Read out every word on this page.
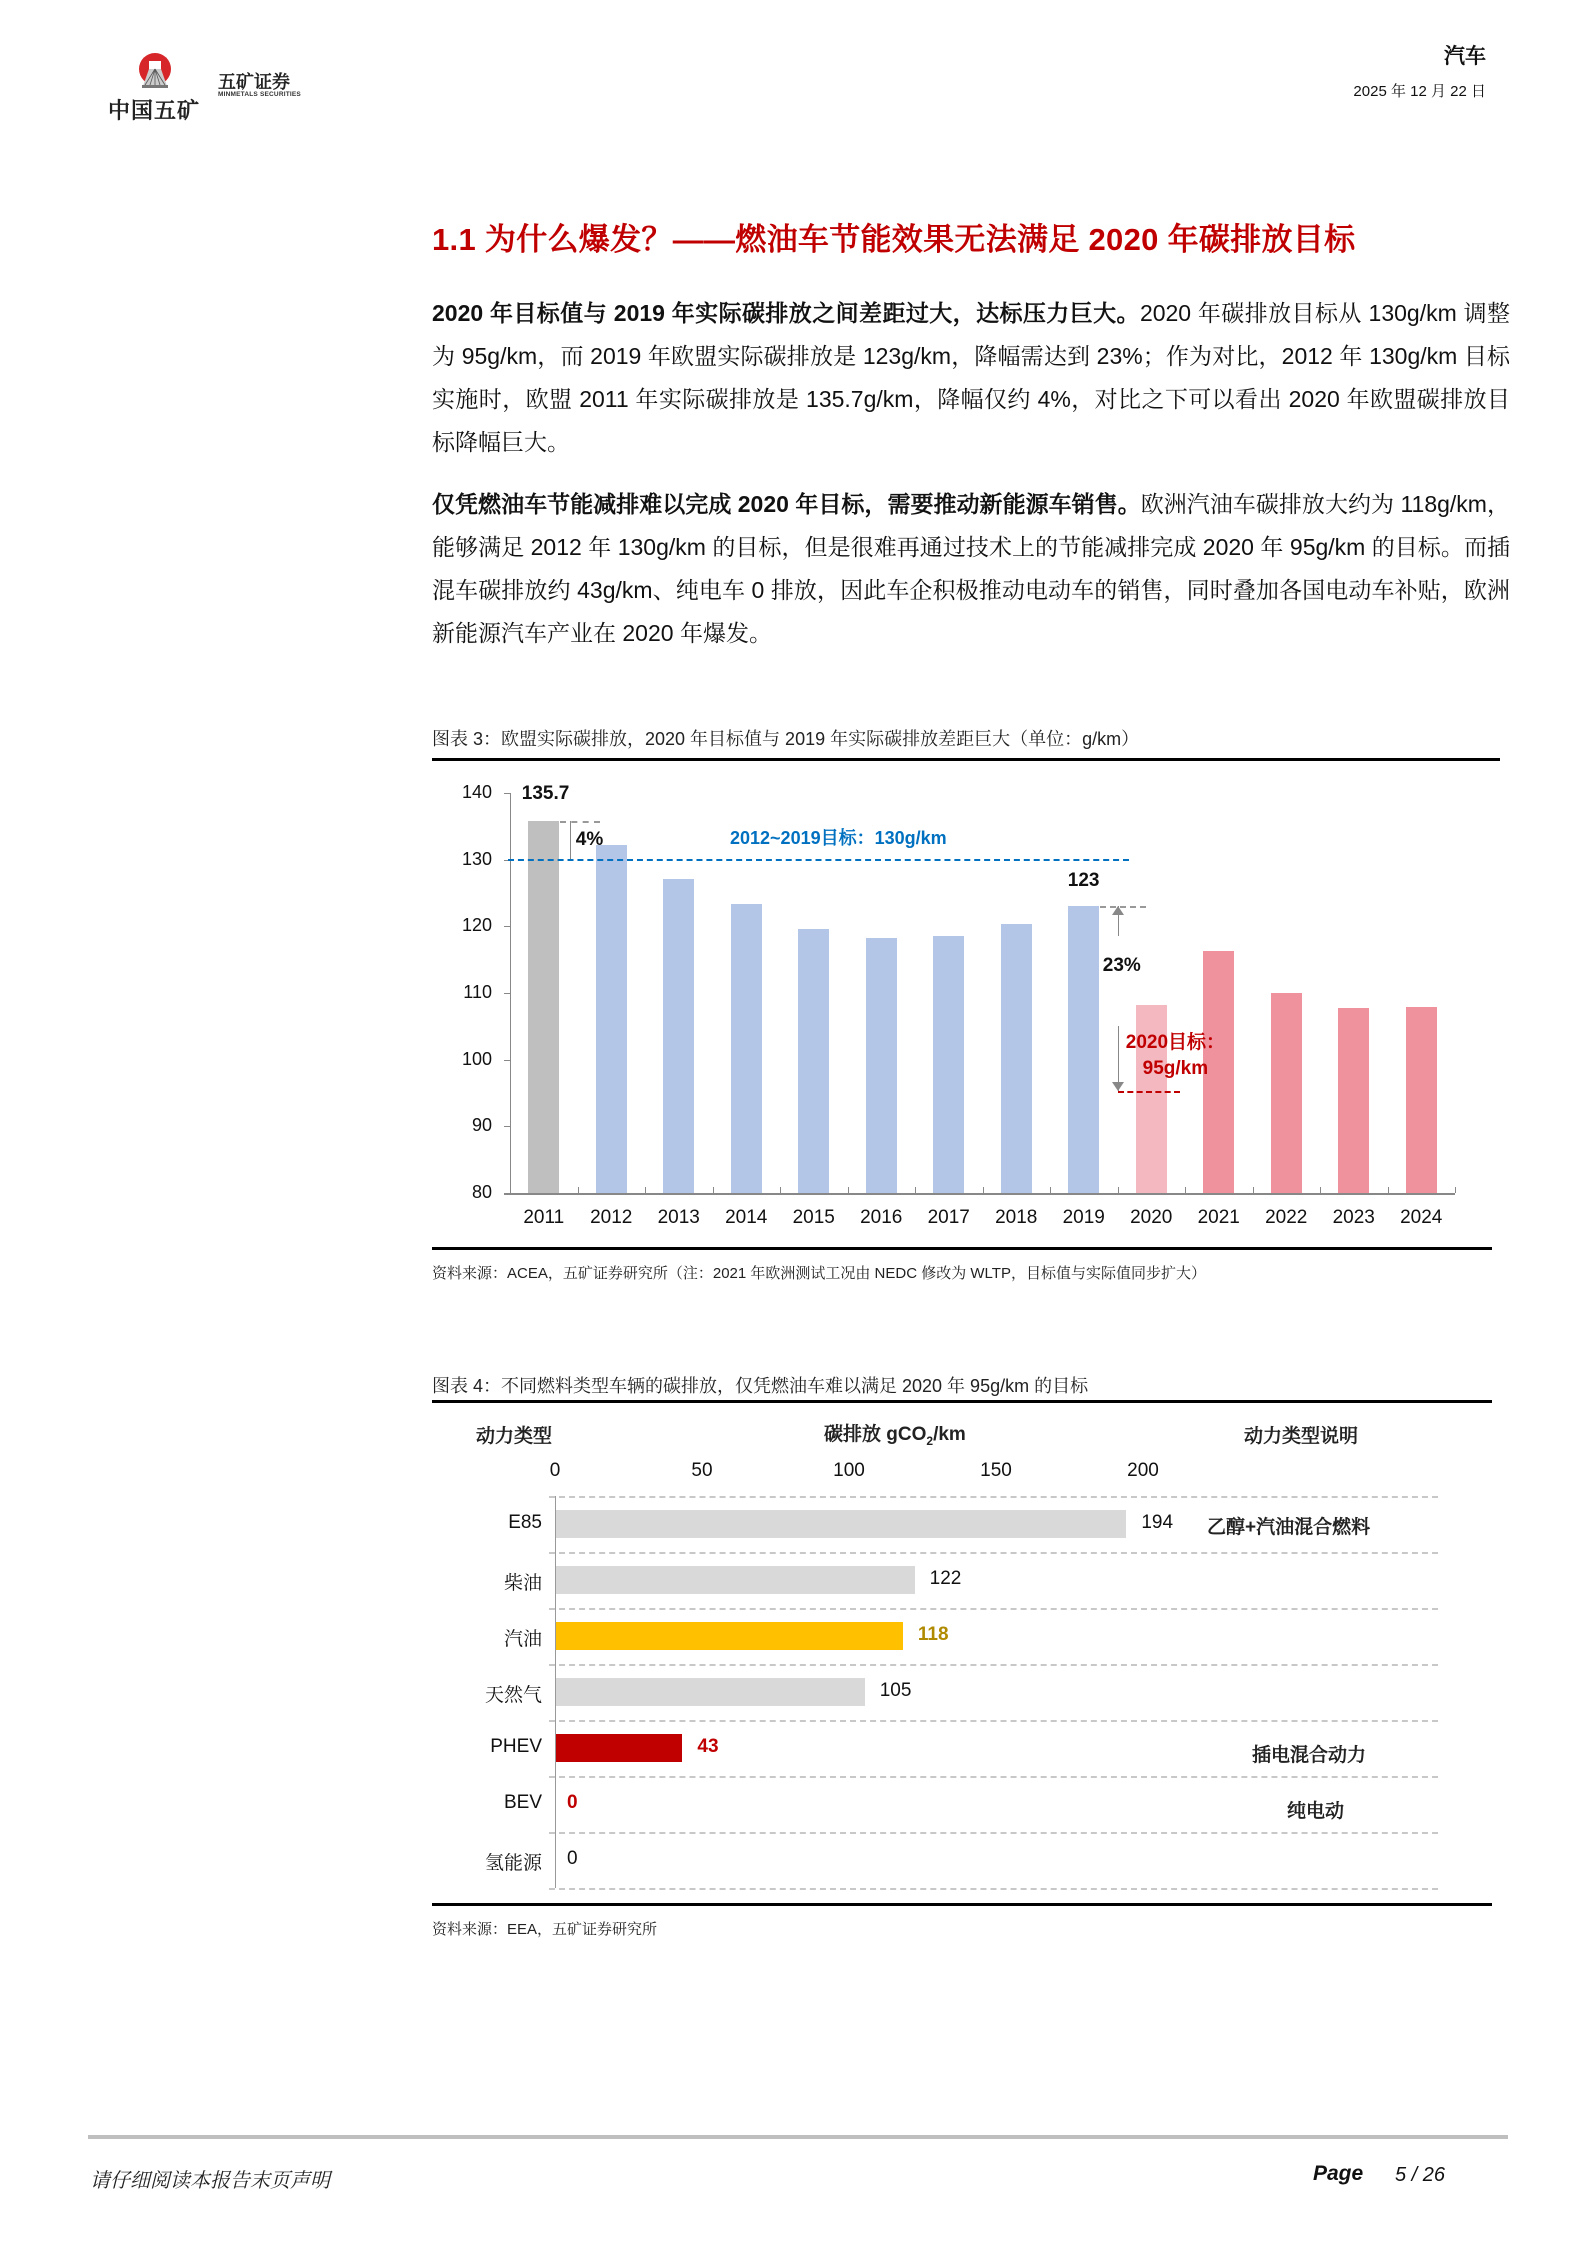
中国五矿
五矿证券
MINMETALS SECURITIES
汽车
2025 年 12 月 22 日
1.1 为什么爆发？——燃油车节能效果无法满足 2020 年碳排放目标
2020 年目标值与 2019 年实际碳排放之间差距过大，达标压力巨大。2020 年碳排放目标从 130g/km 调整为 95g/km，而 2019 年欧盟实际碳排放是 123g/km，降幅需达到 23%；作为对比，2012 年 130g/km 目标实施时，欧盟 2011 年实际碳排放是 135.7g/km，降幅仅约 4%，对比之下可以看出 2020 年欧盟碳排放目标降幅巨大。
仅凭燃油车节能减排难以完成 2020 年目标，需要推动新能源车销售。欧洲汽油车碳排放大约为 118g/km，能够满足 2012 年 130g/km 的目标，但是很难再通过技术上的节能减排完成 2020 年 95g/km 的目标。而插混车碳排放约 43g/km、纯电车 0 排放，因此车企积极推动电动车的销售，同时叠加各国电动车补贴，欧洲新能源汽车产业在 2020 年爆发。
图表 3：欧盟实际碳排放，2020 年目标值与 2019 年实际碳排放差距巨大（单位：g/km）
80
90
100
110
120
130
140
2011	2012	2013	2014	2015	2016	2017	2018	2019	2020	2021	2022	2023	2024
2012~2019目标：130g/km
135.7
4%
123
23%
2020目标：
95g/km
资料来源：ACEA，五矿证券研究所（注：2021 年欧洲测试工况由 NEDC 修改为 WLTP，目标值与实际值同步扩大）
图表 4：不同燃料类型车辆的碳排放，仅凭燃油车难以满足 2020 年 95g/km 的目标
动力类型	碳排放 gCO$_2$/km	动力类型说明
0	50	100	150	200
E85	194 乙醇+汽油混合燃料
柴油	122
汽油	118
天然气	105
PHEV	43	插电混合动力
BEV 0	纯电动
氢能源 0
资料来源：EEA，五矿证券研究所
请仔细阅读本报告末页声明	Page 5 / 26
